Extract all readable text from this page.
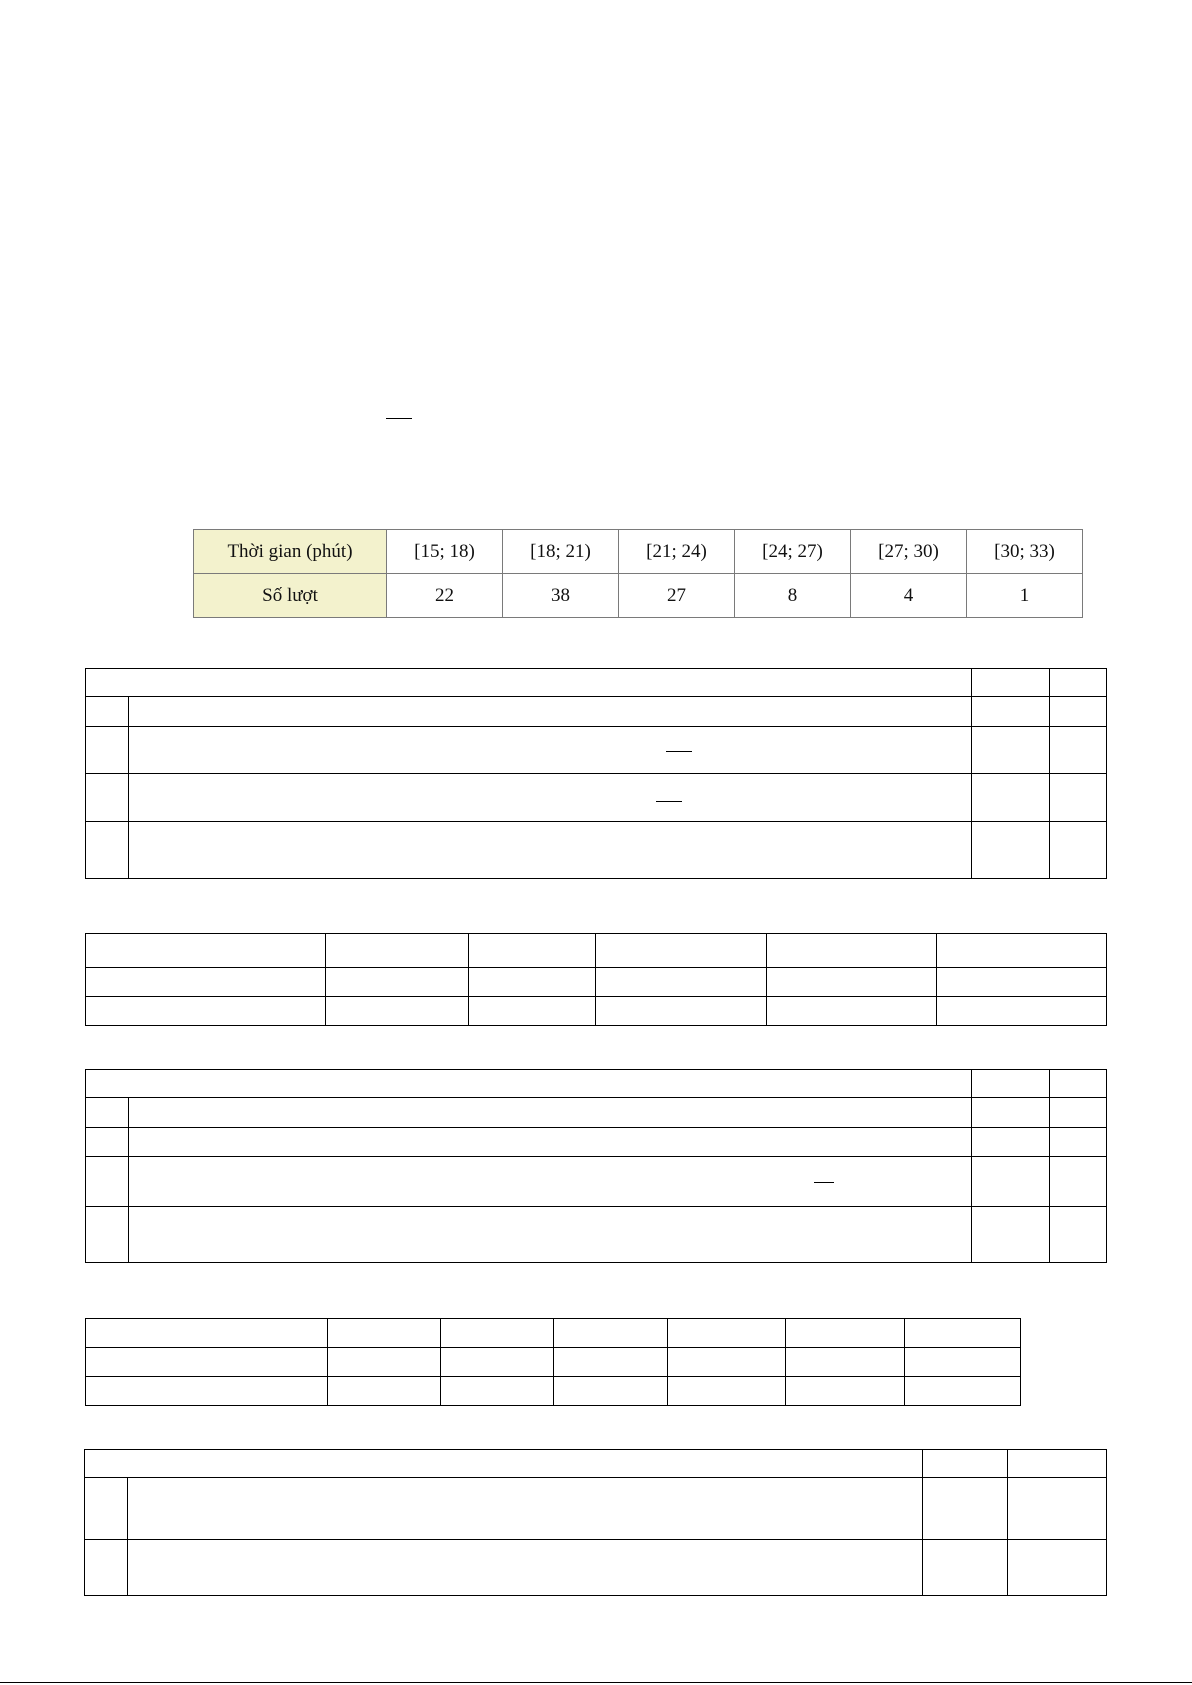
Thời gian (phút)	[15; 18)	[18; 21)	[21; 24)	[24; 27)	[27; 30)	[30; 33)
Số lượt	22	38	27	8	4	1
